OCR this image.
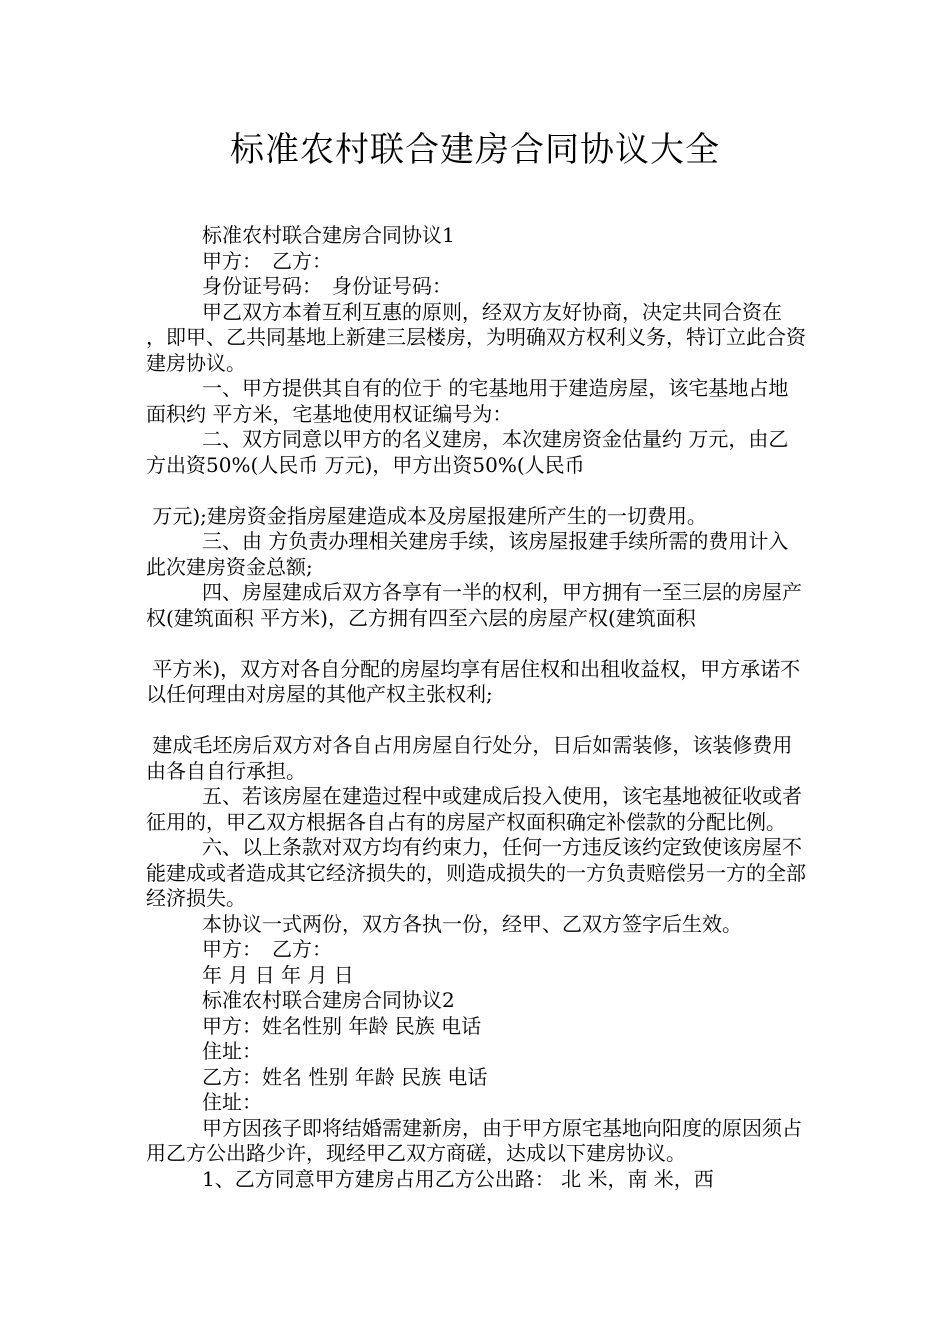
标准农村联合建房合同协议大全

标准农村联合建房合同协议1

甲方：　乙方：

身份证号码：　身份证号码：

甲乙双方本着互利互惠的原则，经双方友好协商，决定共同合资在 ，即甲、乙共同基地上新建三层楼房，为明确双方权利义务，特订立此合资建房协议。

一、甲方提供其自有的位于 的宅基地用于建造房屋，该宅基地占地面积约 平方米，宅基地使用权证编号为：

二、双方同意以甲方的名义建房，本次建房资金估量约 万元，由乙方出资50%(人民币 万元)，甲方出资50%(人民币

万元);建房资金指房屋建造成本及房屋报建所产生的一切费用。

三、由 方负责办理相关建房手续，该房屋报建手续所需的费用计入此次建房资金总额;

四、房屋建成后双方各享有一半的权利，甲方拥有一至三层的房屋产权(建筑面积 平方米)，乙方拥有四至六层的房屋产权(建筑面积

平方米)，双方对各自分配的房屋均享有居住权和出租收益权，甲方承诺不以任何理由对房屋的其他产权主张权利;

建成毛坯房后双方对各自占用房屋自行处分，日后如需装修，该装修费用由各自自行承担。

五、若该房屋在建造过程中或建成后投入使用，该宅基地被征收或者征用的，甲乙双方根据各自占有的房屋产权面积确定补偿款的分配比例。

六、以上条款对双方均有约束力，任何一方违反该约定致使该房屋不能建成或者造成其它经济损失的，则造成损失的一方负责赔偿另一方的全部经济损失。

本协议一式两份，双方各执一份，经甲、乙双方签字后生效。

甲方：　乙方：

年 月 日 年 月 日

标准农村联合建房合同协议2

甲方：姓名性别 年龄 民族 电话

住址：

乙方：姓名 性别 年龄 民族 电话

住址：

甲方因孩子即将结婚需建新房，由于甲方原宅基地向阳度的原因须占用乙方公出路少许，现经甲乙双方商磋，达成以下建房协议。

1、乙方同意甲方建房占用乙方公出路： 北 米，南 米，西
